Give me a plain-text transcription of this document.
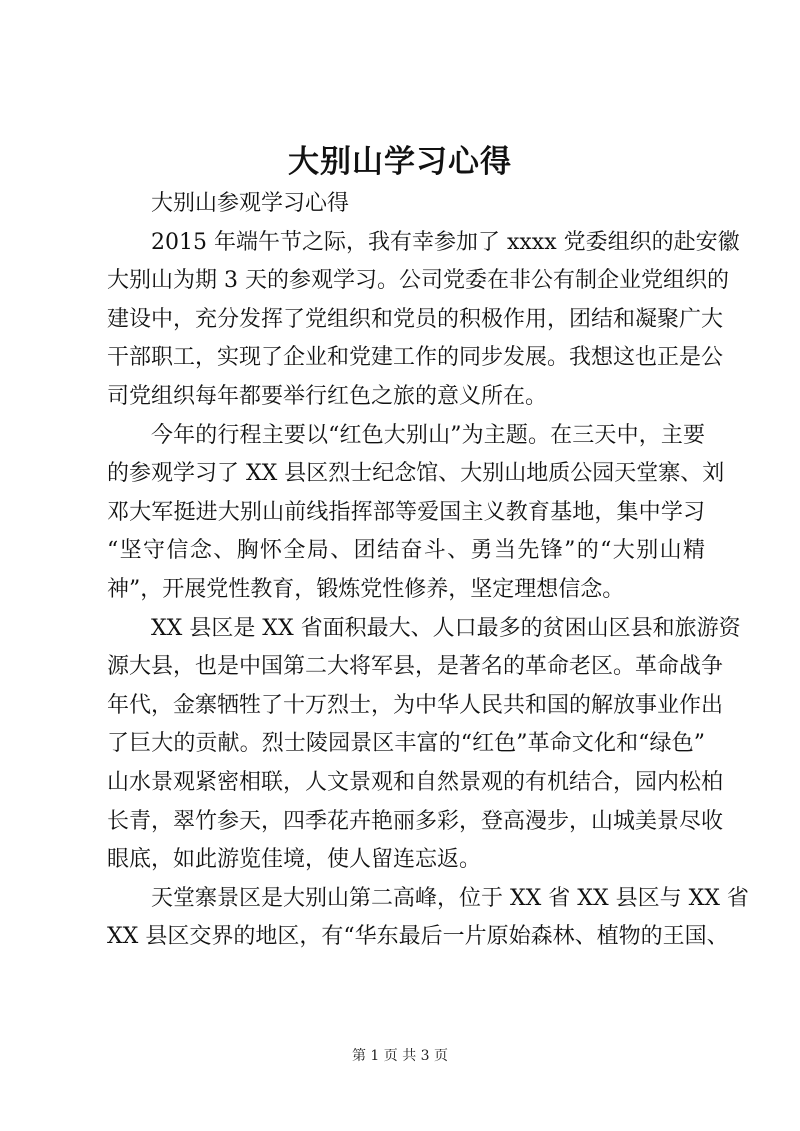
大别山学习心得
大别山参观学习心得
2015 年端午节之际，我有幸参加了 xxxx 党委组织的赴安徽
大别山为期 3 天的参观学习。公司党委在非公有制企业党组织的
建设中，充分发挥了党组织和党员的积极作用，团结和凝聚广大
干部职工，实现了企业和党建工作的同步发展。我想这也正是公
司党组织每年都要举行红色之旅的意义所在。
今年的行程主要以“红色大别山”为主题。在三天中，主要
的参观学习了 XX 县区烈士纪念馆、大别山地质公园天堂寨、刘
邓大军挺进大别山前线指挥部等爱国主义教育基地，集中学习
“坚守信念、胸怀全局、团结奋斗、勇当先锋”的“大别山精
神”，开展党性教育，锻炼党性修养，坚定理想信念。
XX 县区是 XX 省面积最大、人口最多的贫困山区县和旅游资
源大县，也是中国第二大将军县，是著名的革命老区。革命战争
年代，金寨牺牲了十万烈士，为中华人民共和国的解放事业作出
了巨大的贡献。烈士陵园景区丰富的“红色”革命文化和“绿色”
山水景观紧密相联，人文景观和自然景观的有机结合，园内松柏
长青，翠竹参天，四季花卉艳丽多彩，登高漫步，山城美景尽收
眼底，如此游览佳境，使人留连忘返。
天堂寨景区是大别山第二高峰，位于 XX 省 XX 县区与 XX 省
XX 县区交界的地区，有“华东最后一片原始森林、植物的王国、
第 1 页 共 3 页
